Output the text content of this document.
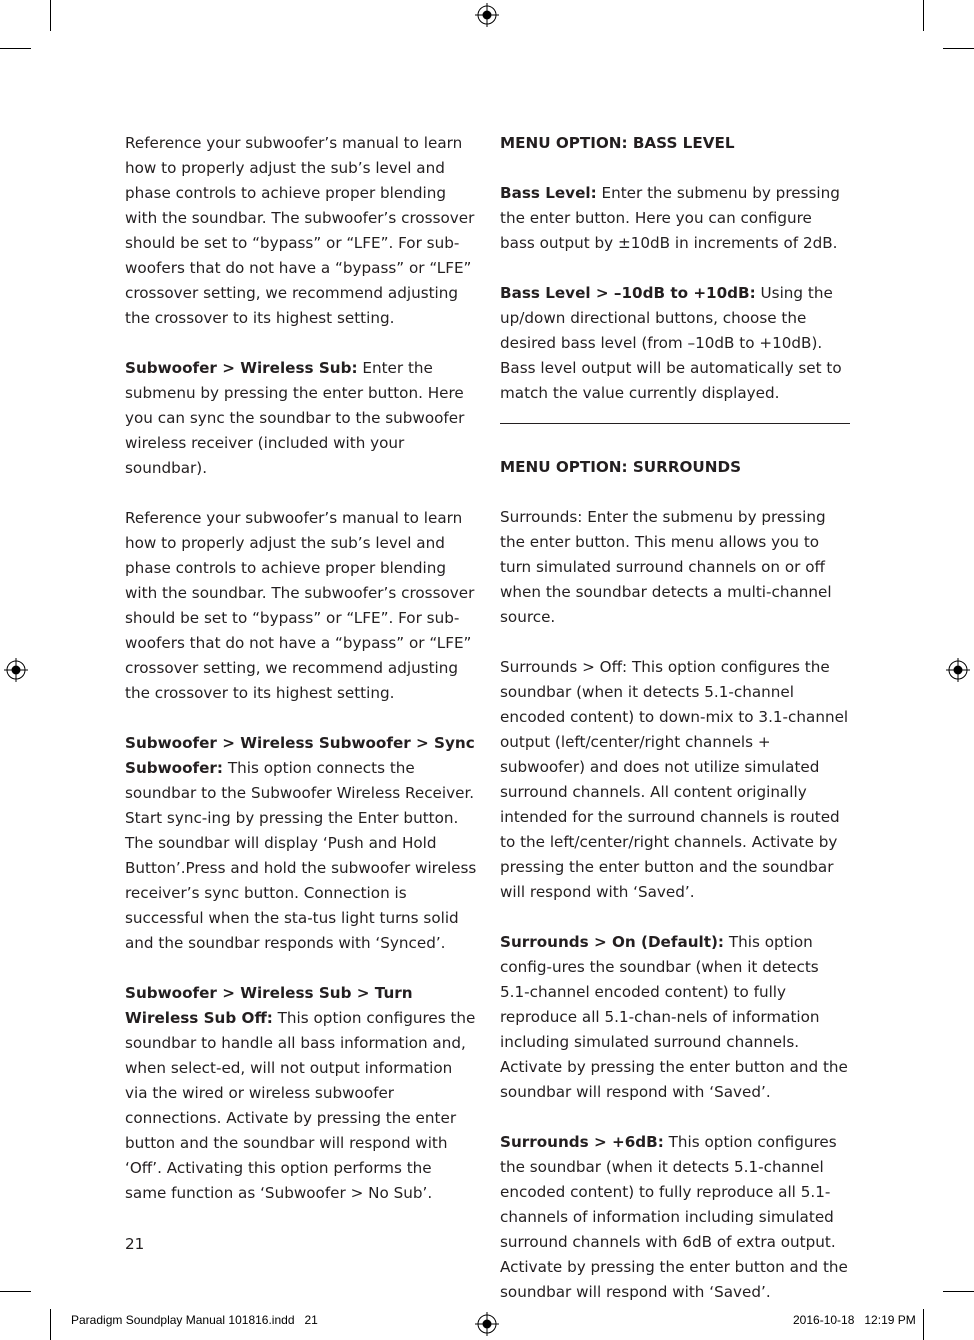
Reference your subwoofer’s manual to learn how to properly adjust the sub’s level and phase controls to achieve proper blending with the soundbar. The subwoofer’s crossover should be set to “bypass” or “LFE”. For sub-woofers that do not have a “bypass” or “LFE” crossover setting, we recommend adjusting the crossover to its highest setting.

Subwoofer > Wireless Sub: Enter the submenu by pressing the enter button. Here you can sync the soundbar to the subwoofer wireless receiver (included with your soundbar).

Reference your subwoofer’s manual to learn how to properly adjust the sub’s level and phase controls to achieve proper blending with the soundbar. The subwoofer’s crossover should be set to “bypass” or “LFE”. For sub-woofers that do not have a “bypass” or “LFE” crossover setting, we recommend adjusting the crossover to its highest setting.

Subwoofer > Wireless Subwoofer > Sync Subwoofer: This option connects the soundbar to the Subwoofer Wireless Receiver. Start sync-ing by pressing the Enter button. The soundbar will display ‘Push and Hold Button’.Press and hold the subwoofer wireless receiver’s sync button. Connection is successful when the sta-tus light turns solid and the soundbar responds with ‘Synced’.

Subwoofer > Wireless Sub > Turn Wireless Sub Off: This option configures the soundbar to handle all bass information and, when select-ed, will not output information via the wired or wireless subwoofer connections. Activate by pressing the enter button and the soundbar will respond with ‘Off’. Activating this option performs the same function as ‘Subwoofer > No Sub’.

MENU OPTION: BASS LEVEL

Bass Level: Enter the submenu by pressing the enter button. Here you can configure bass output by ±10dB in increments of 2dB.

Bass Level > –10dB to +10dB: Using the up/down directional buttons, choose the desired bass level (from –10dB to +10dB). Bass level output will be automatically set to match the value currently displayed.

MENU OPTION: SURROUNDS

Surrounds: Enter the submenu by pressing the enter button. This menu allows you to turn simulated surround channels on or off when the soundbar detects a multi-channel source.

Surrounds > Off: This option configures the soundbar (when it detects 5.1-channel encoded content) to down-mix to 3.1-channel output (left/center/right channels + subwoofer) and does not utilize simulated surround channels. All content originally intended for the surround channels is routed to the left/center/right channels. Activate by pressing the enter button and the soundbar will respond with ‘Saved’.

Surrounds > On (Default): This option config-ures the soundbar (when it detects 5.1-channel encoded content) to fully reproduce all 5.1-chan-nels of information including simulated surround channels. Activate by pressing the enter button and the soundbar will respond with ‘Saved’.

Surrounds > +6dB: This option configures the soundbar (when it detects 5.1-channel encoded content) to fully reproduce all 5.1-channels of information including simulated surround channels with 6dB of extra output. Activate by pressing the enter button and the soundbar will respond with ‘Saved’.

21
Paradigm Soundplay Manual 101816.indd   21	2016-10-18   12:19 PM
